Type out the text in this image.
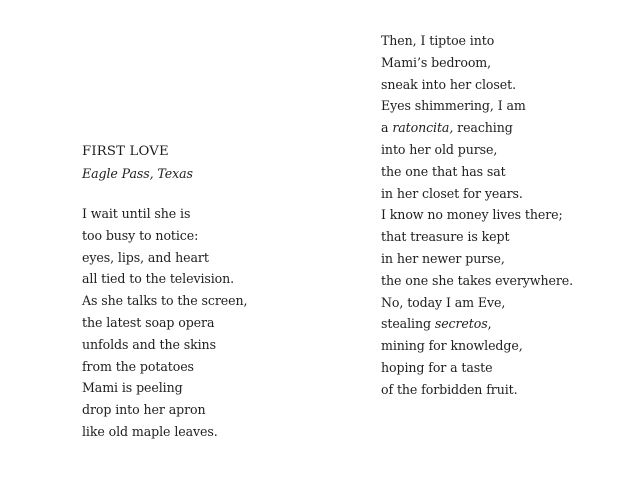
FIRST LOVE
Eagle Pass, Texas
I wait until she is
too busy to notice:
eyes, lips, and heart
all tied to the television.
As she talks to the screen,
the latest soap opera
unfolds and the skins
from the potatoes
Mami is peeling
drop into her apron
like old maple leaves.
Then, I tiptoe into
Mami’s bedroom,
sneak into her closet.
Eyes shimmering, I am
a ratoncita, reaching
into her old purse,
the one that has sat
in her closet for years.
I know no money lives there;
that treasure is kept
in her newer purse,
the one she takes everywhere.
No, today I am Eve,
stealing secretos,
mining for knowledge,
hoping for a taste
of the forbidden fruit.
